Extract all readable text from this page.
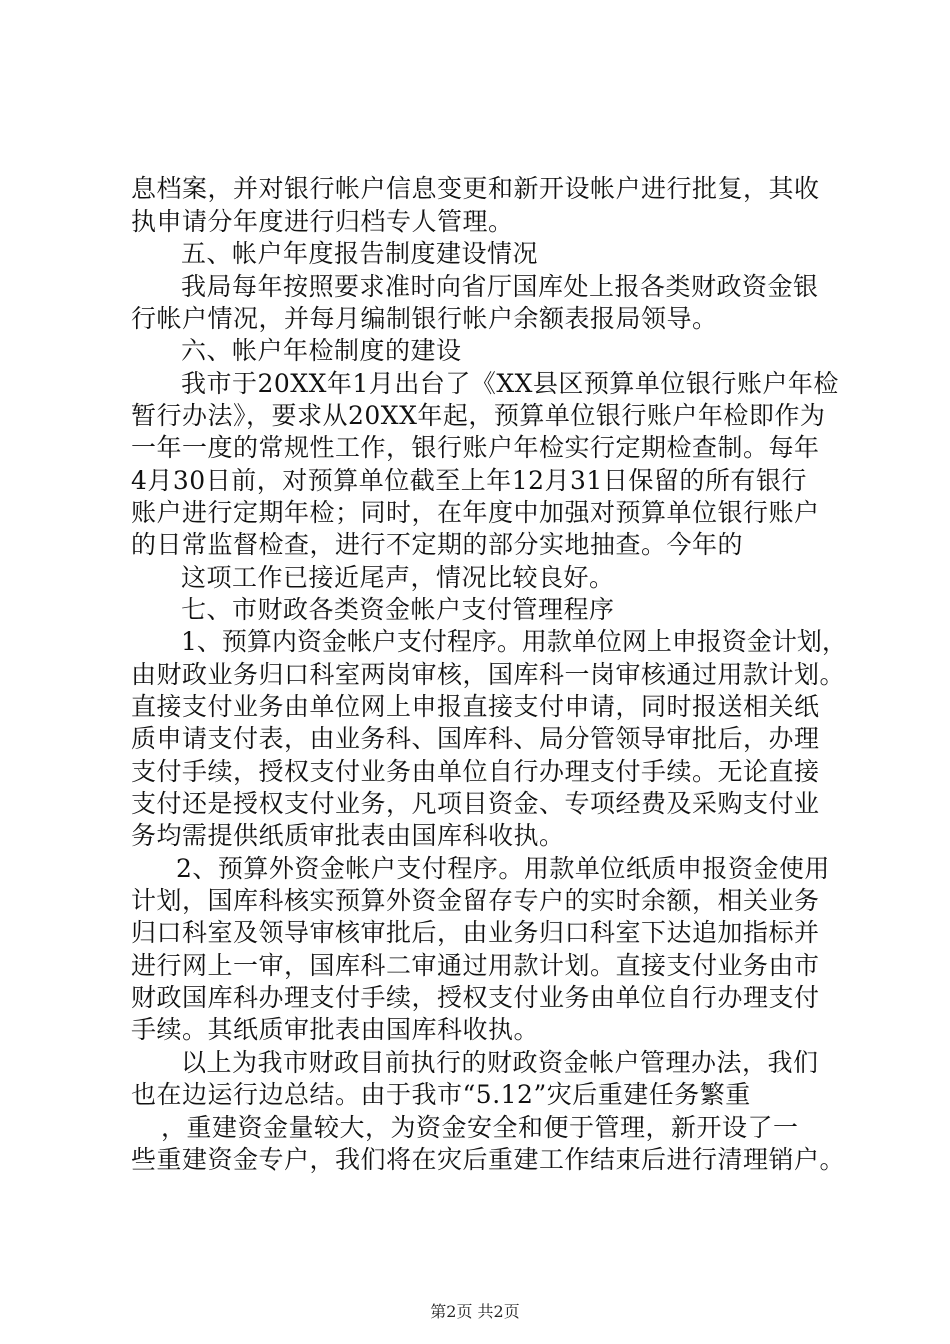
息档案，并对银行帐户信息变更和新开设帐户进行批复，其收
执申请分年度进行归档专人管理。
五、帐户年度报告制度建设情况
我局每年按照要求准时向省厅国库处上报各类财政资金银
行帐户情况，并每月编制银行帐户余额表报局领导。
六、帐户年检制度的建设
我市于20XX年1月出台了《XX县区预算单位银行账户年检
暂行办法》，要求从20XX年起，预算单位银行账户年检即作为
一年一度的常规性工作，银行账户年检实行定期检查制。每年
4月30日前，对预算单位截至上年12月31日保留的所有银行
账户进行定期年检；同时，在年度中加强对预算单位银行账户
的日常监督检查，进行不定期的部分实地抽查。今年的
这项工作已接近尾声，情况比较良好。
七、市财政各类资金帐户支付管理程序
1、预算内资金帐户支付程序。用款单位网上申报资金计划，
由财政业务归口科室两岗审核，国库科一岗审核通过用款计划。
直接支付业务由单位网上申报直接支付申请，同时报送相关纸
质申请支付表，由业务科、国库科、局分管领导审批后，办理
支付手续，授权支付业务由单位自行办理支付手续。无论直接
支付还是授权支付业务，凡项目资金、专项经费及采购支付业
务均需提供纸质审批表由国库科收执。
2、预算外资金帐户支付程序。用款单位纸质申报资金使用
计划，国库科核实预算外资金留存专户的实时余额，相关业务
归口科室及领导审核审批后，由业务归口科室下达追加指标并
进行网上一审，国库科二审通过用款计划。直接支付业务由市
财政国库科办理支付手续，授权支付业务由单位自行办理支付
手续。其纸质审批表由国库科收执。
以上为我市财政目前执行的财政资金帐户管理办法，我们
也在边运行边总结。由于我市“5.12”灾后重建任务繁重
，重建资金量较大，为资金安全和便于管理，新开设了一
些重建资金专户，我们将在灾后重建工作结束后进行清理销户。
第2页 共2页
